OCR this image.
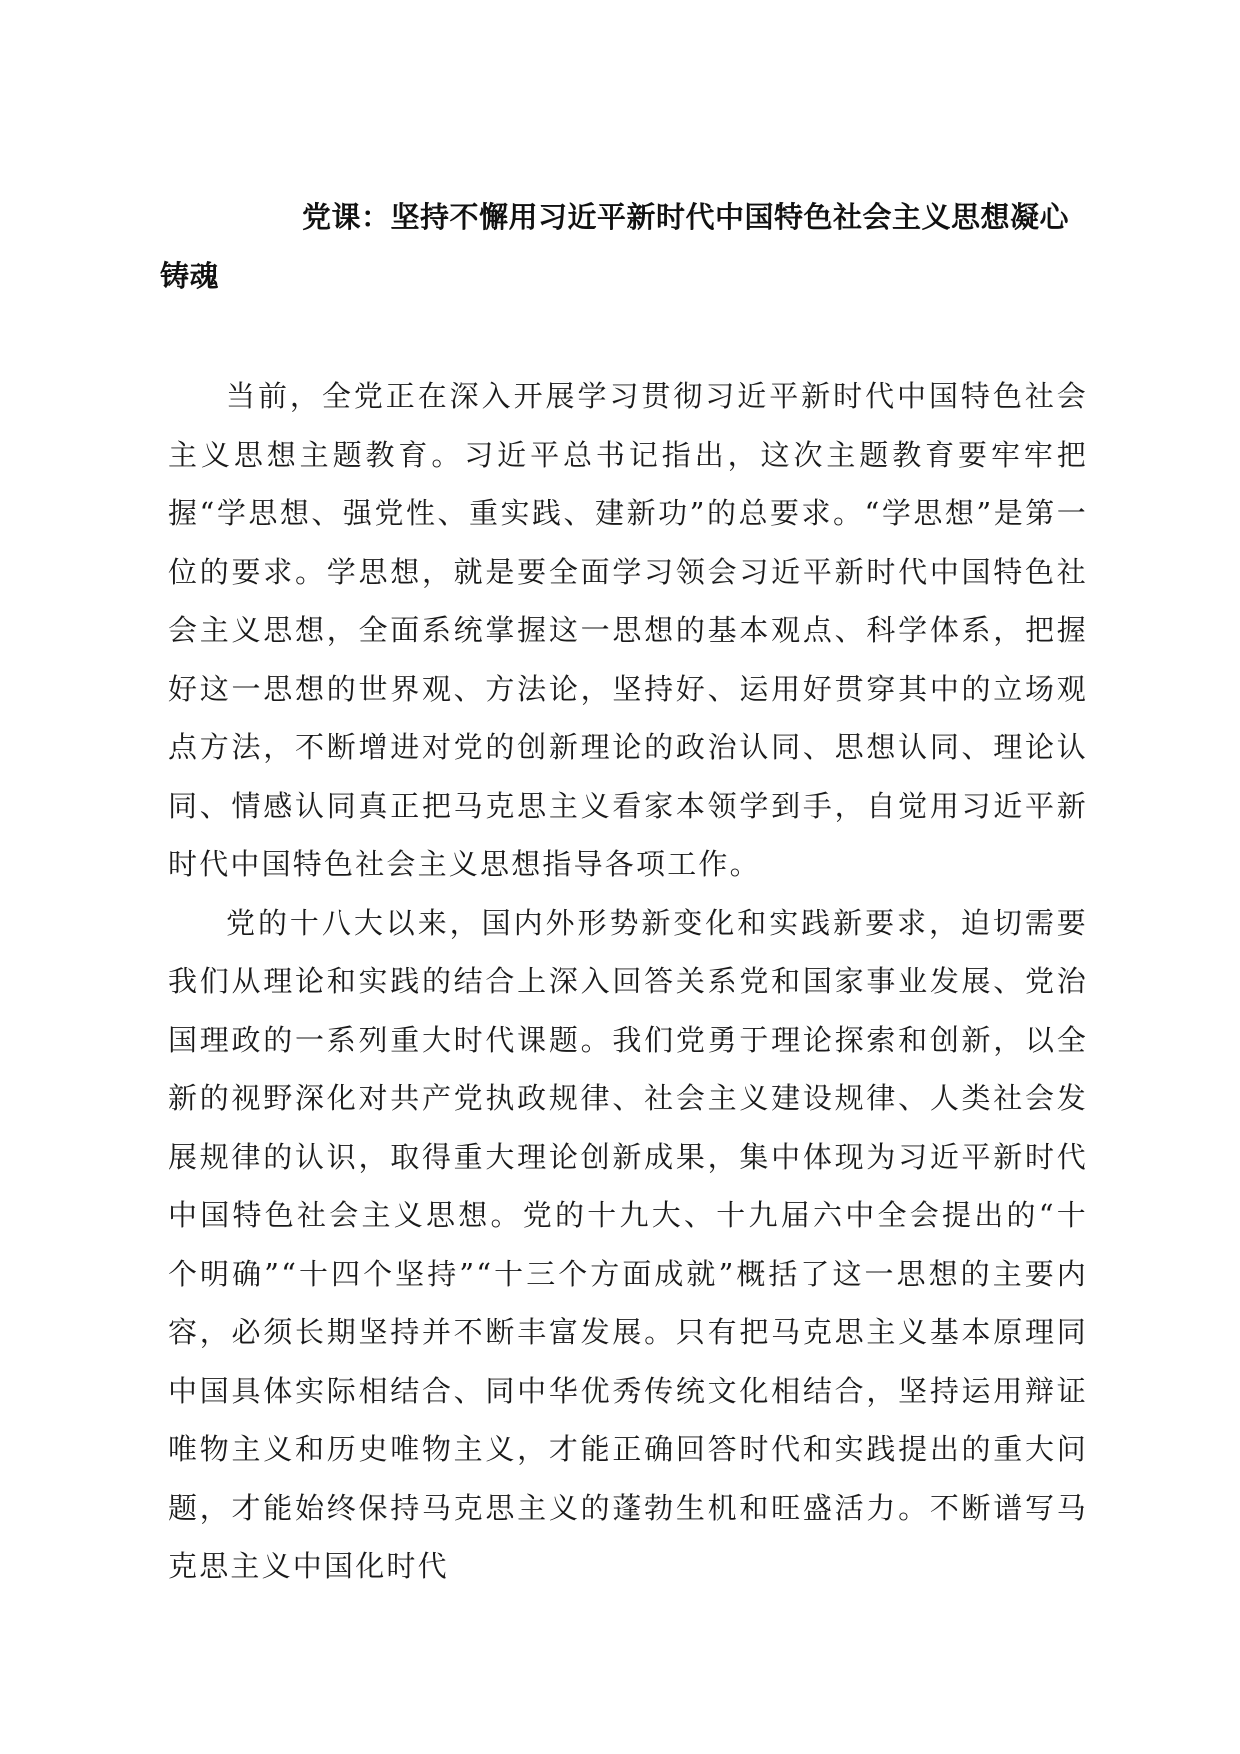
党课：坚持不懈用习近平新时代中国特色社会主义思想凝心铸魂

当前，全党正在深入开展学习贯彻习近平新时代中国特色社会主义思想主题教育。习近平总书记指出，这次主题教育要牢牢把握“学思想、强党性、重实践、建新功”的总要求。“学思想”是第一位的要求。学思想，就是要全面学习领会习近平新时代中国特色社会主义思想，全面系统掌握这一思想的基本观点、科学体系，把握好这一思想的世界观、方法论，坚持好、运用好贯穿其中的立场观点方法，不断增进对党的创新理论的政治认同、思想认同、理论认同、情感认同真正把马克思主义看家本领学到手，自觉用习近平新时代中国特色社会主义思想指导各项工作。

党的十八大以来，国内外形势新变化和实践新要求，迫切需要我们从理论和实践的结合上深入回答关系党和国家事业发展、党治国理政的一系列重大时代课题。我们党勇于理论探索和创新，以全新的视野深化对共产党执政规律、社会主义建设规律、人类社会发展规律的认识，取得重大理论创新成果，集中体现为习近平新时代中国特色社会主义思想。党的十九大、十九届六中全会提出的“十个明确”“十四个坚持”“十三个方面成就”概括了这一思想的主要内容，必须长期坚持并不断丰富发展。只有把马克思主义基本原理同中国具体实际相结合、同中华优秀传统文化相结合，坚持运用辩证唯物主义和历史唯物主义，才能正确回答时代和实践提出的重大问题，才能始终保持马克思主义的蓬勃生机和旺盛活力。不断谱写马克思主义中国化时代
